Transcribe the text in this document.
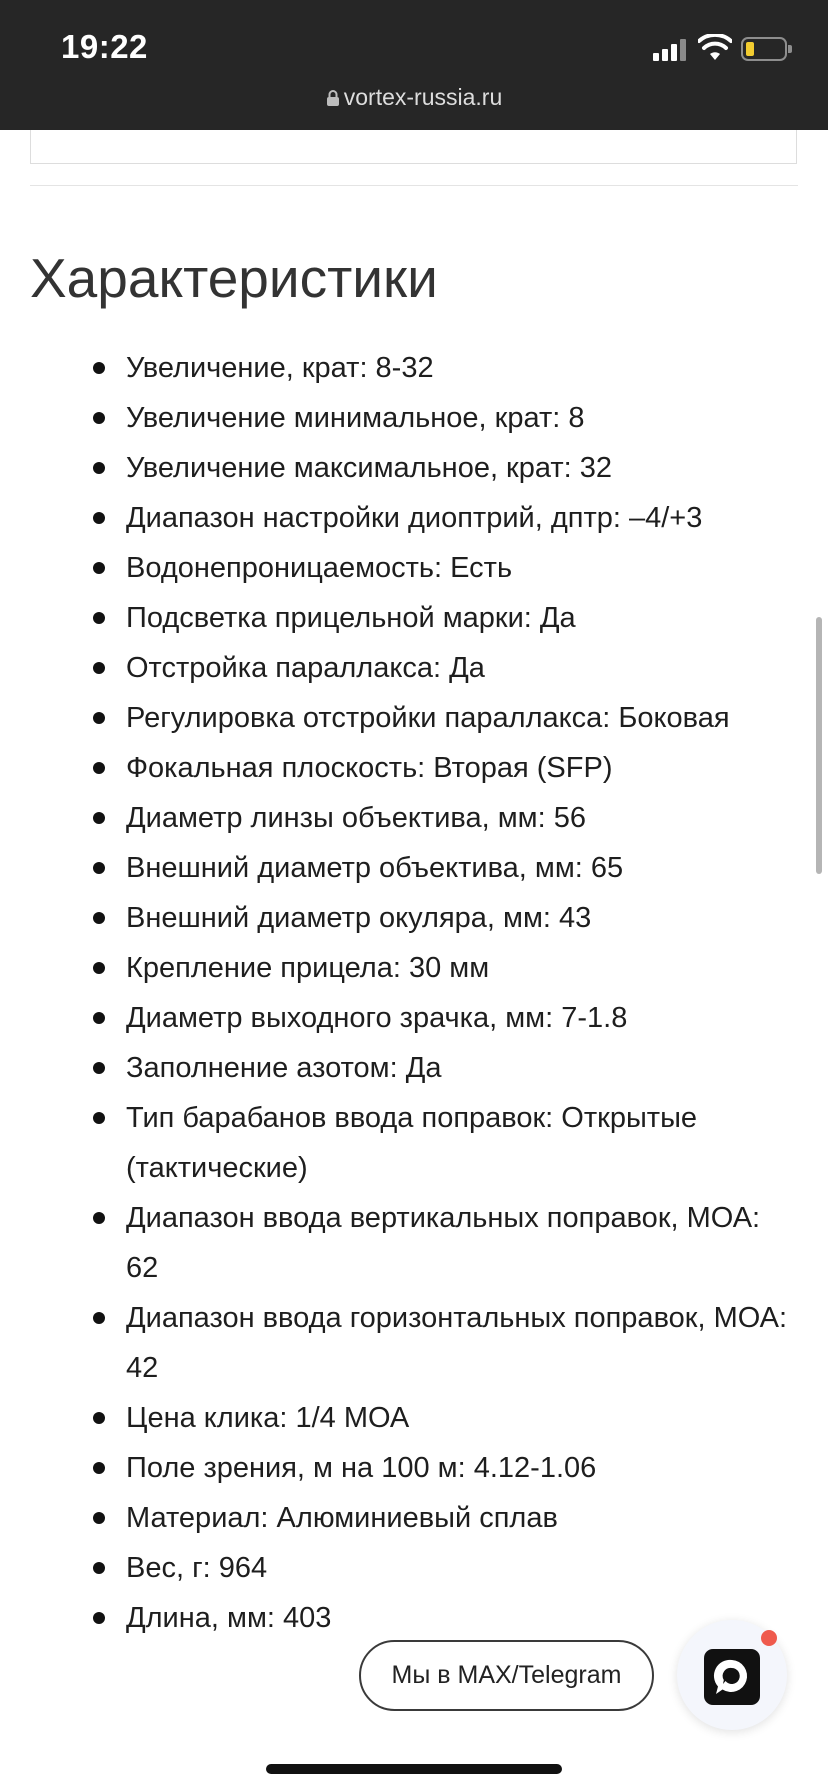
19:22
vortex-russia.ru
Характеристики
Увеличение, крат: 8-32
Увеличение минимальное, крат: 8
Увеличение максимальное, крат: 32
Диапазон настройки диоптрий, дптр: –4/+3
Водонепроницаемость: Есть
Подсветка прицельной марки: Да
Отстройка параллакса: Да
Регулировка отстройки параллакса: Боковая
Фокальная плоскость: Вторая (SFP)
Диаметр линзы объектива, мм: 56
Внешний диаметр объектива, мм: 65
Внешний диаметр окуляра, мм: 43
Крепление прицела: 30 мм
Диаметр выходного зрачка, мм: 7-1.8
Заполнение азотом: Да
Тип барабанов ввода поправок: Открытые (тактические)
Диапазон ввода вертикальных поправок, МОА: 62
Диапазон ввода горизонтальных поправок, МОА: 42
Цена клика: 1/4 МОА
Поле зрения, м на 100 м: 4.12-1.06
Материал: Алюминиевый сплав
Вес, г: 964
Длина, мм: 403
Мы в MAX/Telegram
